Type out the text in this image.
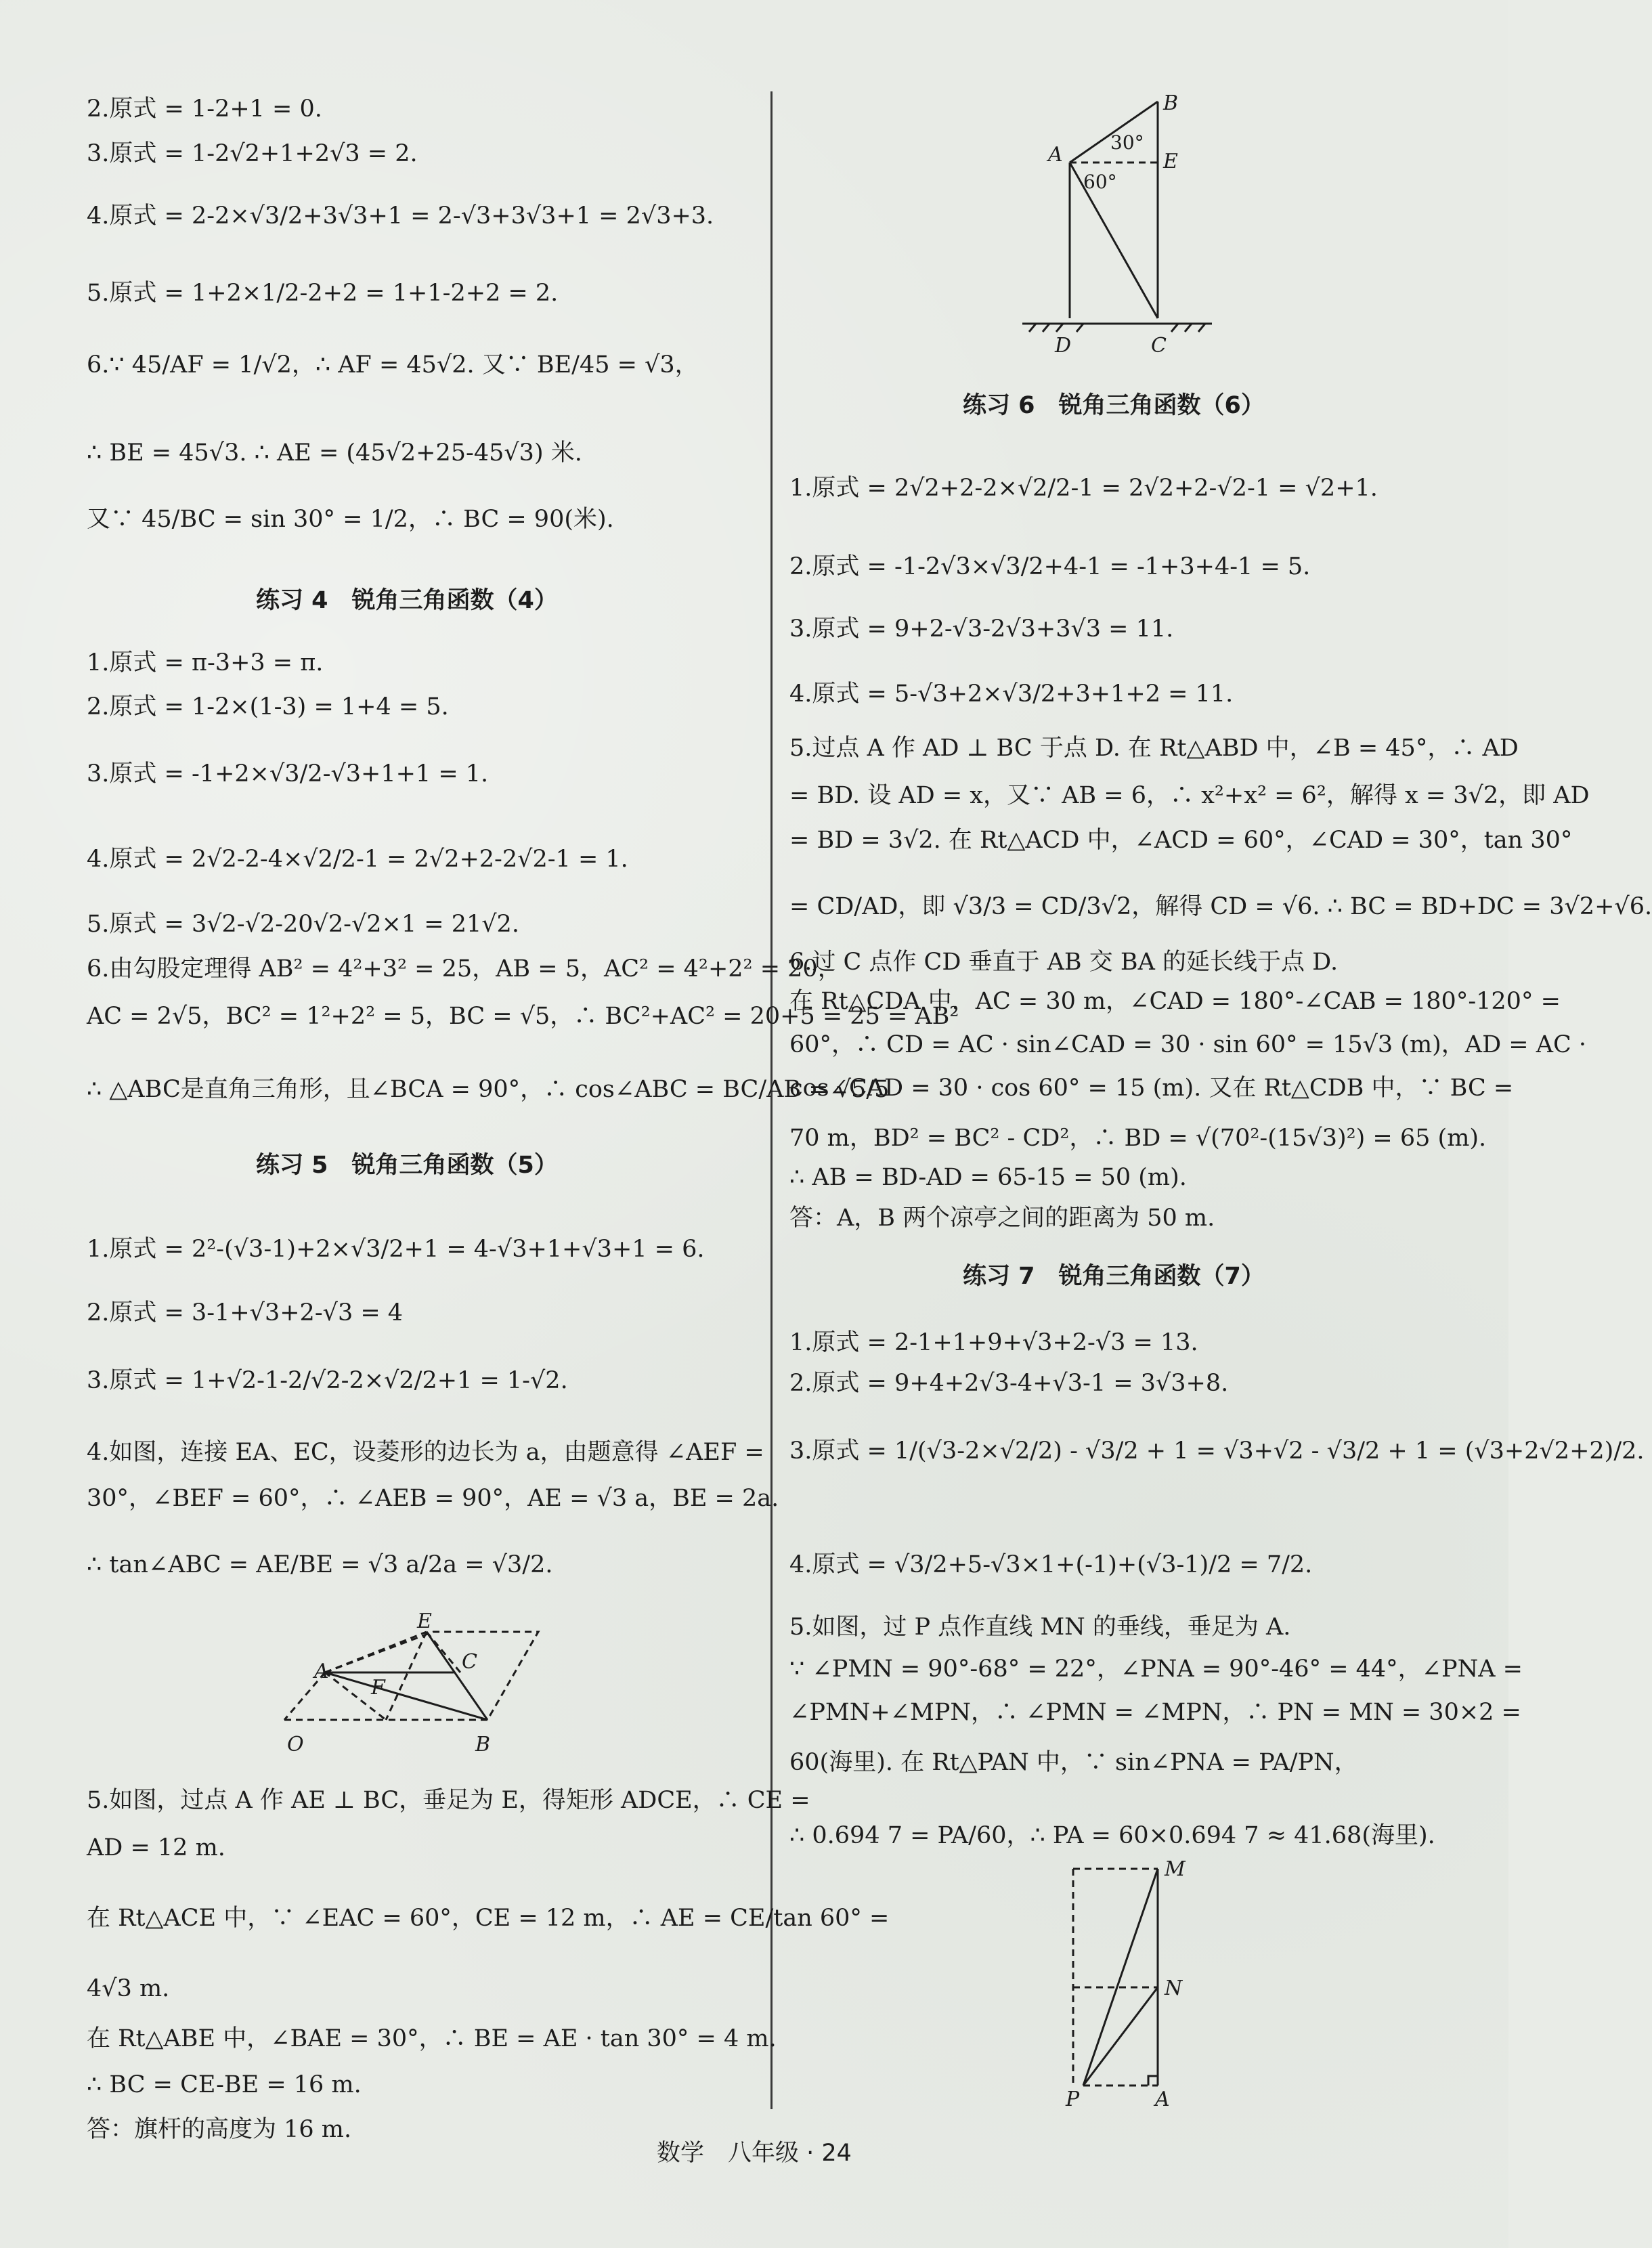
2.原式 = 1-2+1 = 0.
3.原式 = 1-2√2+1+2√3 = 2.
4.原式 = 2-2×√3/2+3√3+1 = 2-√3+3√3+1 = 2√3+3.
5.原式 = 1+2×1/2-2+2 = 1+1-2+2 = 2.
6.∵ 45/AF = 1/√2，∴ AF = 45√2. 又∵ BE/45 = √3，
∴ BE = 45√3. ∴ AE = (45√2+25-45√3) 米.
又∵ 45/BC = sin 30° = 1/2，∴ BC = 90(米).
练习 4　锐角三角函数（4）
1.原式 = π-3+3 = π.
2.原式 = 1-2×(1-3) = 1+4 = 5.
3.原式 = -1+2×√3/2-√3+1+1 = 1.
4.原式 = 2√2-2-4×√2/2-1 = 2√2+2-2√2-1 = 1.
5.原式 = 3√2-√2-20√2-√2×1 = 21√2.
6.由勾股定理得 AB² = 4²+3² = 25，AB = 5，AC² = 4²+2² = 20，
AC = 2√5，BC² = 1²+2² = 5，BC = √5，∴ BC²+AC² = 20+5 = 25 = AB²
∴ △ABC是直角三角形，且∠BCA = 90°，∴ cos∠ABC = BC/AB = √5/5
练习 5　锐角三角函数（5）
1.原式 = 2²-(√3-1)+2×√3/2+1 = 4-√3+1+√3+1 = 6.
2.原式 = 3-1+√3+2-√3 = 4
3.原式 = 1+√2-1-2/√2-2×√2/2+1 = 1-√2.
4.如图，连接 EA、EC，设菱形的边长为 a，由题意得 ∠AEF =
30°，∠BEF = 60°，∴ ∠AEB = 90°，AE = √3 a，BE = 2a.
∴ tan∠ABC = AE/BE = √3 a/2a = √3/2.
5.如图，过点 A 作 AE ⊥ BC，垂足为 E，得矩形 ADCE，∴ CE =
AD = 12 m.
在 Rt△ACE 中，∵ ∠EAC = 60°，CE = 12 m，∴ AE = CE/tan 60° =
4√3 m.
在 Rt△ABE 中，∠BAE = 30°，∴ BE = AE · tan 30° = 4 m.
∴ BC = CE-BE = 16 m.
答：旗杆的高度为 16 m.
E
A	C
F
O	B
B
A	E
D	C
30°
60°
练习 6　锐角三角函数（6）
1.原式 = 2√2+2-2×√2/2-1 = 2√2+2-√2-1 = √2+1.
2.原式 = -1-2√3×√3/2+4-1 = -1+3+4-1 = 5.
3.原式 = 9+2-√3-2√3+3√3 = 11.
4.原式 = 5-√3+2×√3/2+3+1+2 = 11.
5.过点 A 作 AD ⊥ BC 于点 D. 在 Rt△ABD 中，∠B = 45°，∴ AD
= BD. 设 AD = x，又∵ AB = 6，∴ x²+x² = 6²，解得 x = 3√2，即 AD
= BD = 3√2. 在 Rt△ACD 中，∠ACD = 60°，∠CAD = 30°，tan 30°
= CD/AD，即 √3/3 = CD/3√2，解得 CD = √6. ∴ BC = BD+DC = 3√2+√6.
6.过 C 点作 CD 垂直于 AB 交 BA 的延长线于点 D.
在 Rt△CDA 中，AC = 30 m，∠CAD = 180°-∠CAB = 180°-120° =
60°，∴ CD = AC · sin∠CAD = 30 · sin 60° = 15√3 (m)，AD = AC ·
cos∠CAD = 30 · cos 60° = 15 (m). 又在 Rt△CDB 中，∵ BC =
70 m，BD² = BC² - CD²，∴ BD = √(70²-(15√3)²) = 65 (m).
∴ AB = BD-AD = 65-15 = 50 (m).
答：A，B 两个凉亭之间的距离为 50 m.
练习 7　锐角三角函数（7）
1.原式 = 2-1+1+9+√3+2-√3 = 13.
2.原式 = 9+4+2√3-4+√3-1 = 3√3+8.
3.原式 = 1/(√3-2×√2/2) - √3/2 + 1 = √3+√2 - √3/2 + 1 = (√3+2√2+2)/2.
4.原式 = √3/2+5-√3×1+(-1)+(√3-1)/2 = 7/2.
5.如图，过 P 点作直线 MN 的垂线，垂足为 A.
∵ ∠PMN = 90°-68° = 22°，∠PNA = 90°-46° = 44°，∠PNA =
∠PMN+∠MPN，∴ ∠PMN = ∠MPN，∴ PN = MN = 30×2 =
60(海里). 在 Rt△PAN 中，∵ sin∠PNA = PA/PN，
∴ 0.694 7 = PA/60，∴ PA = 60×0.694 7 ≈ 41.68(海里).
M
N
P	A
数学　八年级 · 24
